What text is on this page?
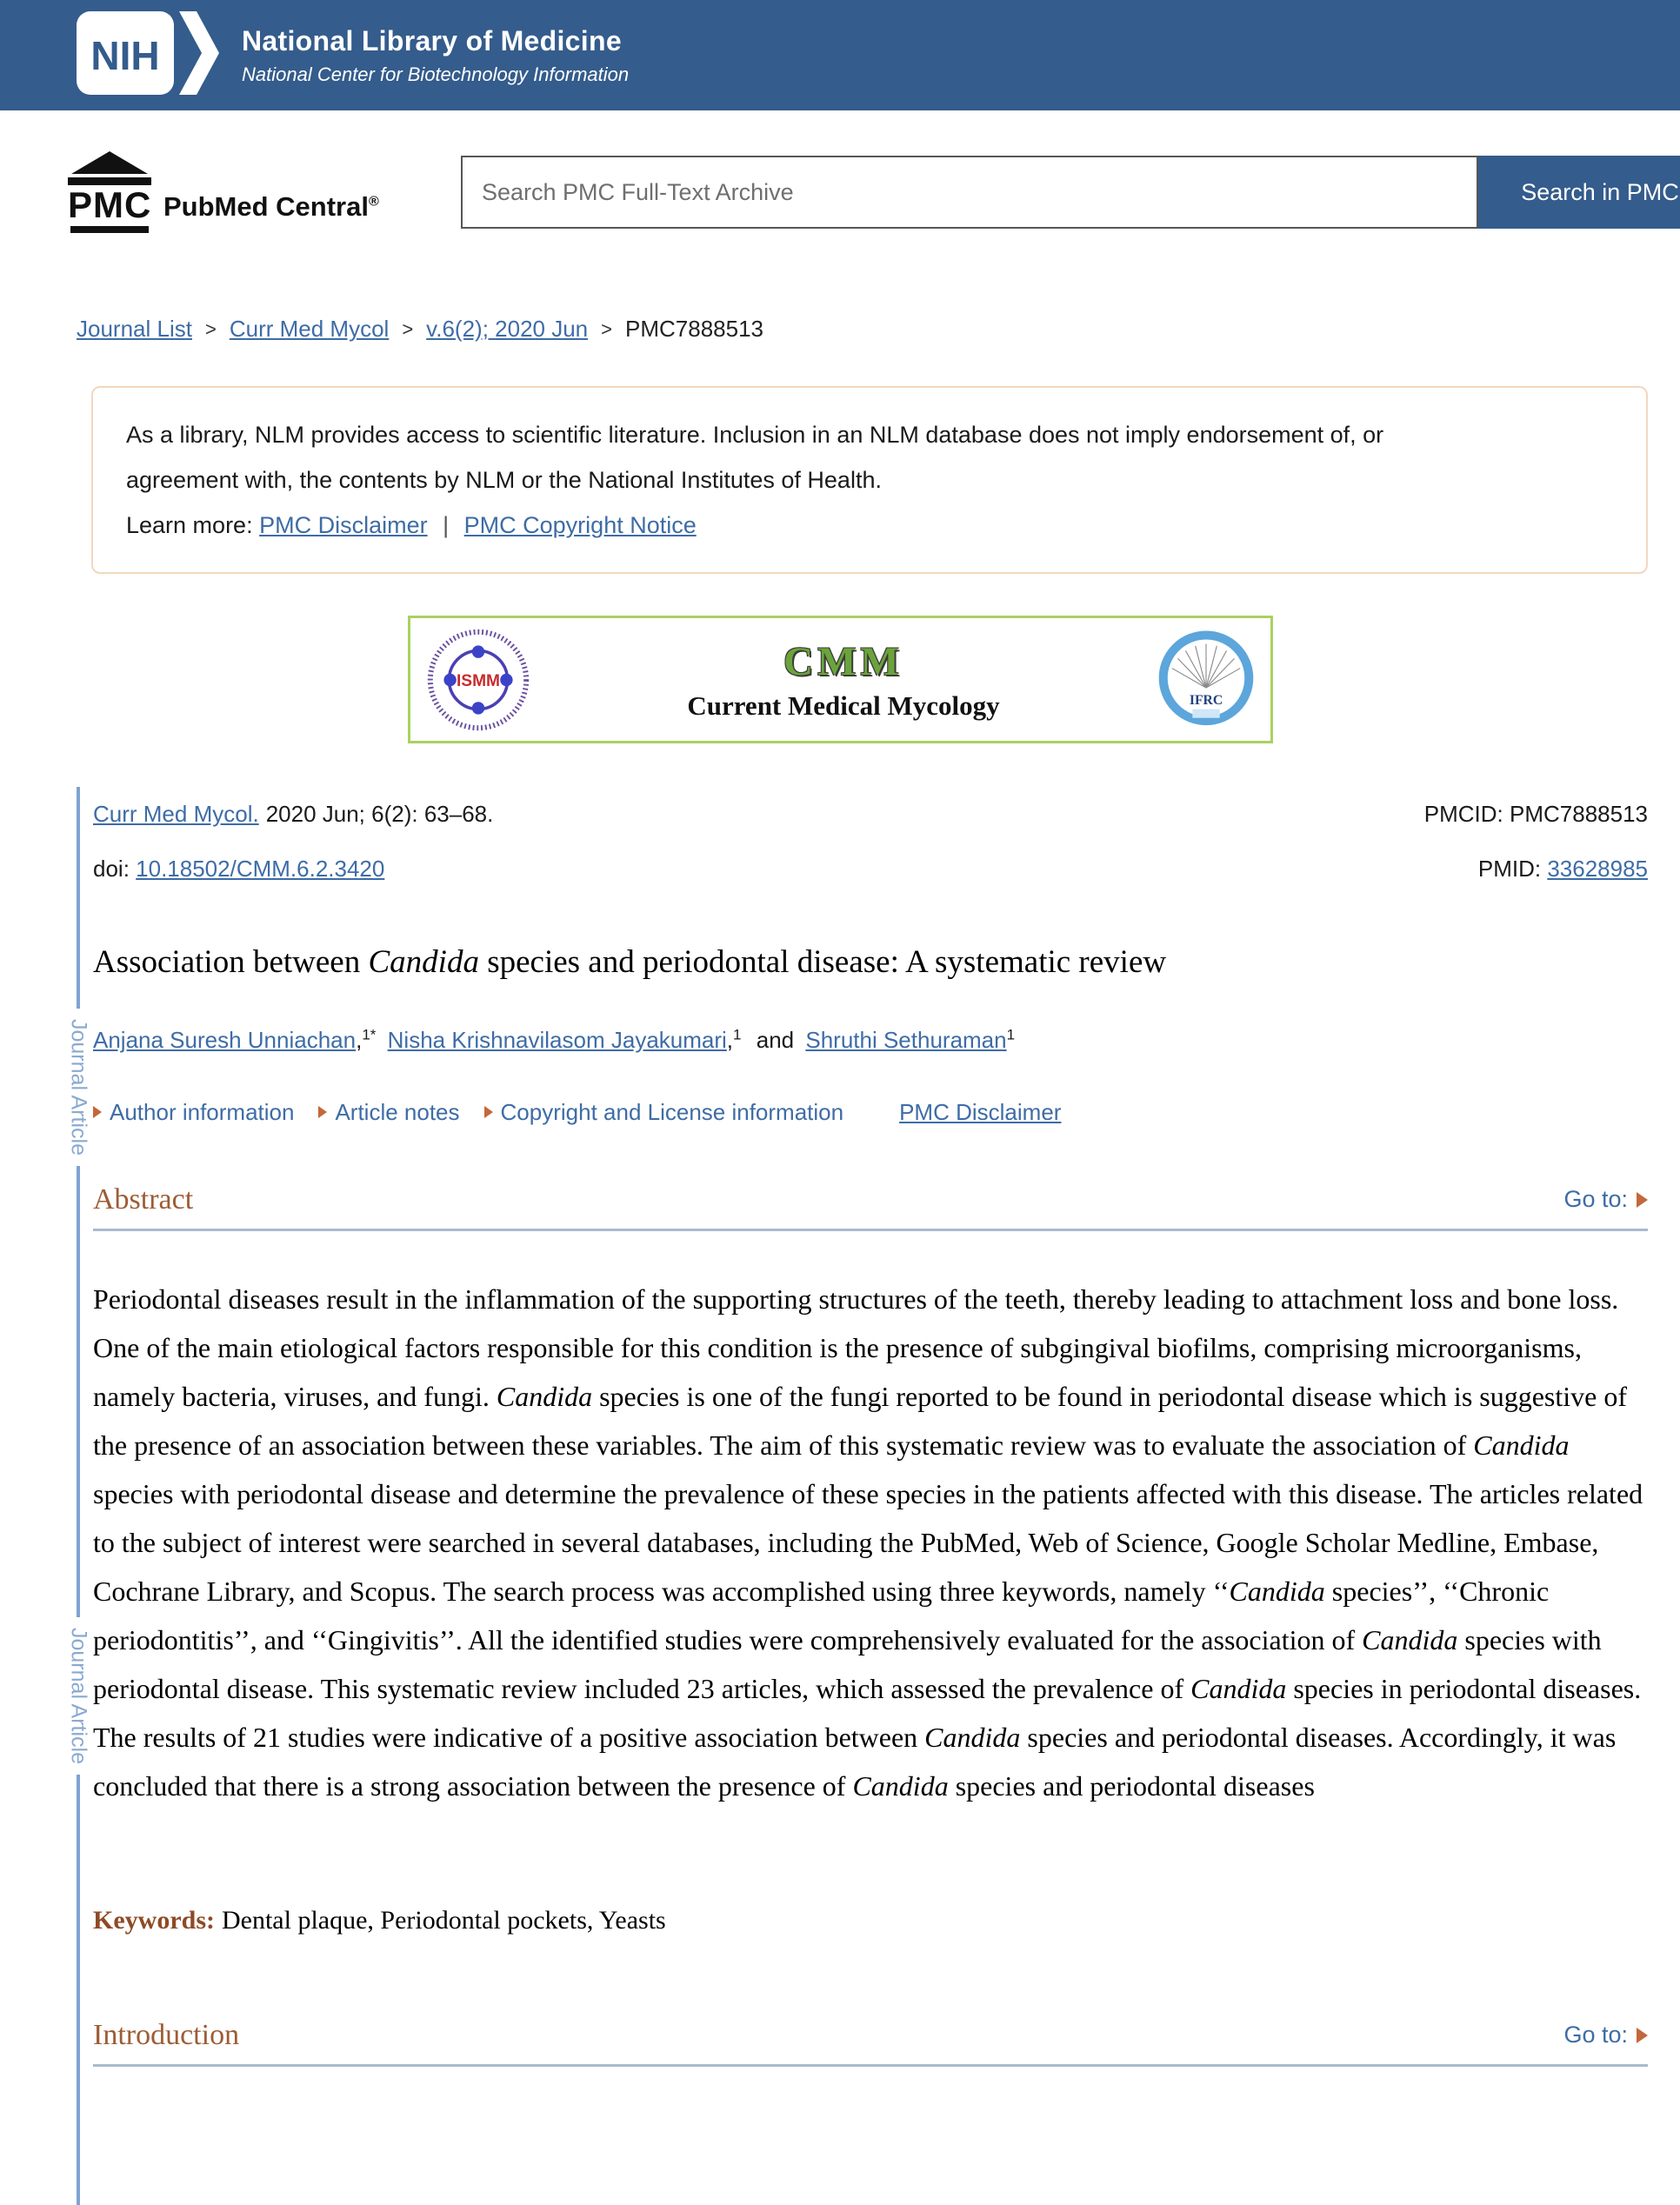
NIH	National Library of Medicine
National Center for Biotechnology Information
PMC PubMed Central®
Search PMC Full-Text Archive	Search in PMC
Journal List > Curr Med Mycol > v.6(2); 2020 Jun > PMC7888513

As a library, NLM provides access to scientific literature. Inclusion in an NLM database does not imply endorsement of, or agreement with, the contents by NLM or the National Institutes of Health.

Learn more: PMC Disclaimer | PMC Copyright Notice

ISMM	CMM
Current Medical Mycology	IFRC
Journal Article
Journal Article
Curr Med Mycol. 2020 Jun; 6(2): 63–68.
doi: 10.18502/CMM.6.2.3420
PMCID: PMC7888513
PMID: 33628985
Association between Candida species and periodontal disease: A systematic review
Anjana Suresh Unniachan,$^{1*}$ Nisha Krishnavilasom Jayakumari,$^1$ and Shruthi Sethuraman$^1$
Author information Article notes Copyright and License information PMC Disclaimer
Abstract	Go to:

Periodontal diseases result in the inflammation of the supporting structures of the teeth, thereby leading to attachment loss and bone loss. One of the main etiological factors responsible for this condition is the presence of subgingival biofilms, comprising microorganisms, namely bacteria, viruses, and fungi. Candida species is one of the fungi reported to be found in periodontal disease which is suggestive of the presence of an association between these variables. The aim of this systematic review was to evaluate the association of Candida species with periodontal disease and determine the prevalence of these species in the patients affected with this disease. The articles related to the subject of interest were searched in several databases, including the PubMed, Web of Science, Google Scholar Medline, Embase, Cochrane Library, and Scopus. The search process was accomplished using three keywords, namely ‘‘Candida species’’, ‘‘Chronic periodontitis’’, and ‘‘Gingivitis’’. All the identified studies were comprehensively evaluated for the association of Candida species with periodontal disease. This systematic review included 23 articles, which assessed the prevalence of Candida species in periodontal diseases. The results of 21 studies were indicative of a positive association between Candida species and periodontal diseases. Accordingly, it was concluded that there is a strong association between the presence of Candida species and periodontal diseases

Keywords: Dental plaque, Periodontal pockets, Yeasts

Introduction	Go to:
